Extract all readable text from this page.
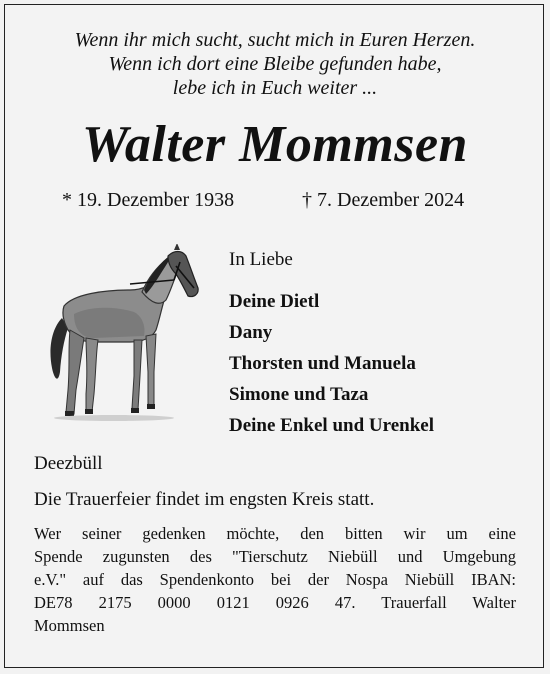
Wenn ihr mich sucht, sucht mich in Euren Herzen.
Wenn ich dort eine Bleibe gefunden habe,
lebe ich in Euch weiter ...
Walter Mommsen
* 19. Dezember 1938	† 7. Dezember 2024
In Liebe
Deine Dietl
Dany
Thorsten und Manuela
Simone und Taza
Deine Enkel und Urenkel
Deezbüll
Die Trauerfeier findet im engsten Kreis statt.
Wer seiner gedenken möchte, den bitten wir um eine
Spende zugunsten des "Tierschutz Niebüll und Umgebung
e.V." auf das Spendenkonto bei der Nospa Niebüll IBAN:
DE78 2175 0000 0121 0926 47. Trauerfall Walter
Mommsen
